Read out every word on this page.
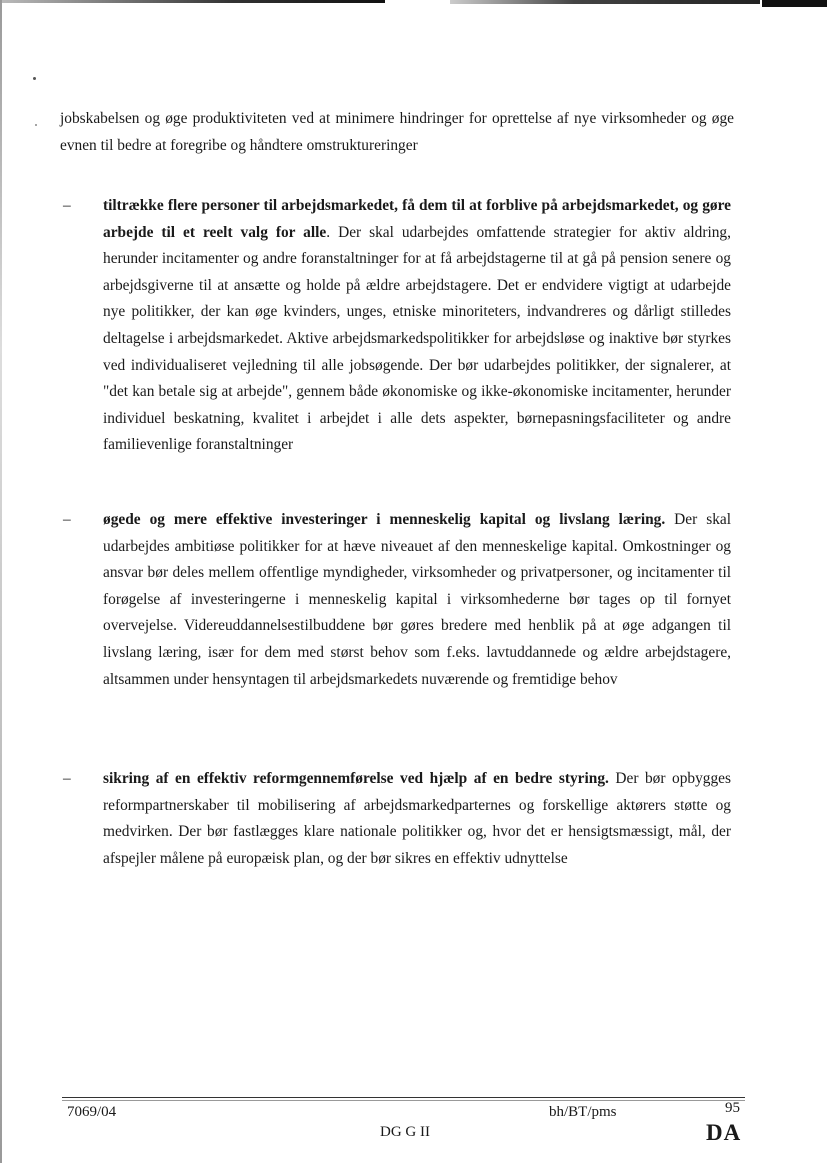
jobskabelsen og øge produktiviteten ved at minimere hindringer for oprettelse af nye virksomheder og øge evnen til bedre at foregribe og håndtere omstruktureringer
– tiltrække flere personer til arbejdsmarkedet, få dem til at forblive på arbejdsmarkedet, og gøre arbejde til et reelt valg for alle. Der skal udarbejdes omfattende strategier for aktiv aldring, herunder incitamenter og andre foranstaltninger for at få arbejdstagerne til at gå på pension senere og arbejdsgiverne til at ansætte og holde på ældre arbejdstagere. Det er endvidere vigtigt at udarbejde nye politikker, der kan øge kvinders, unges, etniske minoriteters, indvandreres og dårligt stilledes deltagelse i arbejdsmarkedet. Aktive arbejdsmarkedspolitikker for arbejdsløse og inaktive bør styrkes ved individualiseret vejledning til alle jobsøgende. Der bør udarbejdes politikker, der signalerer, at "det kan betale sig at arbejde", gennem både økonomiske og ikke-økonomiske incitamenter, herunder individuel beskatning, kvalitet i arbejdet i alle dets aspekter, børnepasningsfaciliteter og andre familievenlige foranstaltninger
– øgede og mere effektive investeringer i menneskelig kapital og livslang læring. Der skal udarbejdes ambitiøse politikker for at hæve niveauet af den menneskelige kapital. Omkostninger og ansvar bør deles mellem offentlige myndigheder, virksomheder og privatpersoner, og incitamenter til forøgelse af investeringerne i menneskelig kapital i virksomhederne bør tages op til fornyet overvejelse. Videreuddannelsestilbuddene bør gøres bredere med henblik på at øge adgangen til livslang læring, især for dem med størst behov som f.eks. lavtuddannede og ældre arbejdstagere, altsammen under hensyntagen til arbejdsmarkedets nuværende og fremtidige behov
– sikring af en effektiv reformgennemførelse ved hjælp af en bedre styring. Der bør opbygges reformpartnerskaber til mobilisering af arbejdsmarkedparternes og forskellige aktørers støtte og medvirken. Der bør fastlægges klare nationale politikker og, hvor det er hensigtsmæssigt, mål, der afspejler målene på europæisk plan, og der bør sikres en effektiv udnyttelse
7069/04	bh/BT/pms	95
DG G II	DA
